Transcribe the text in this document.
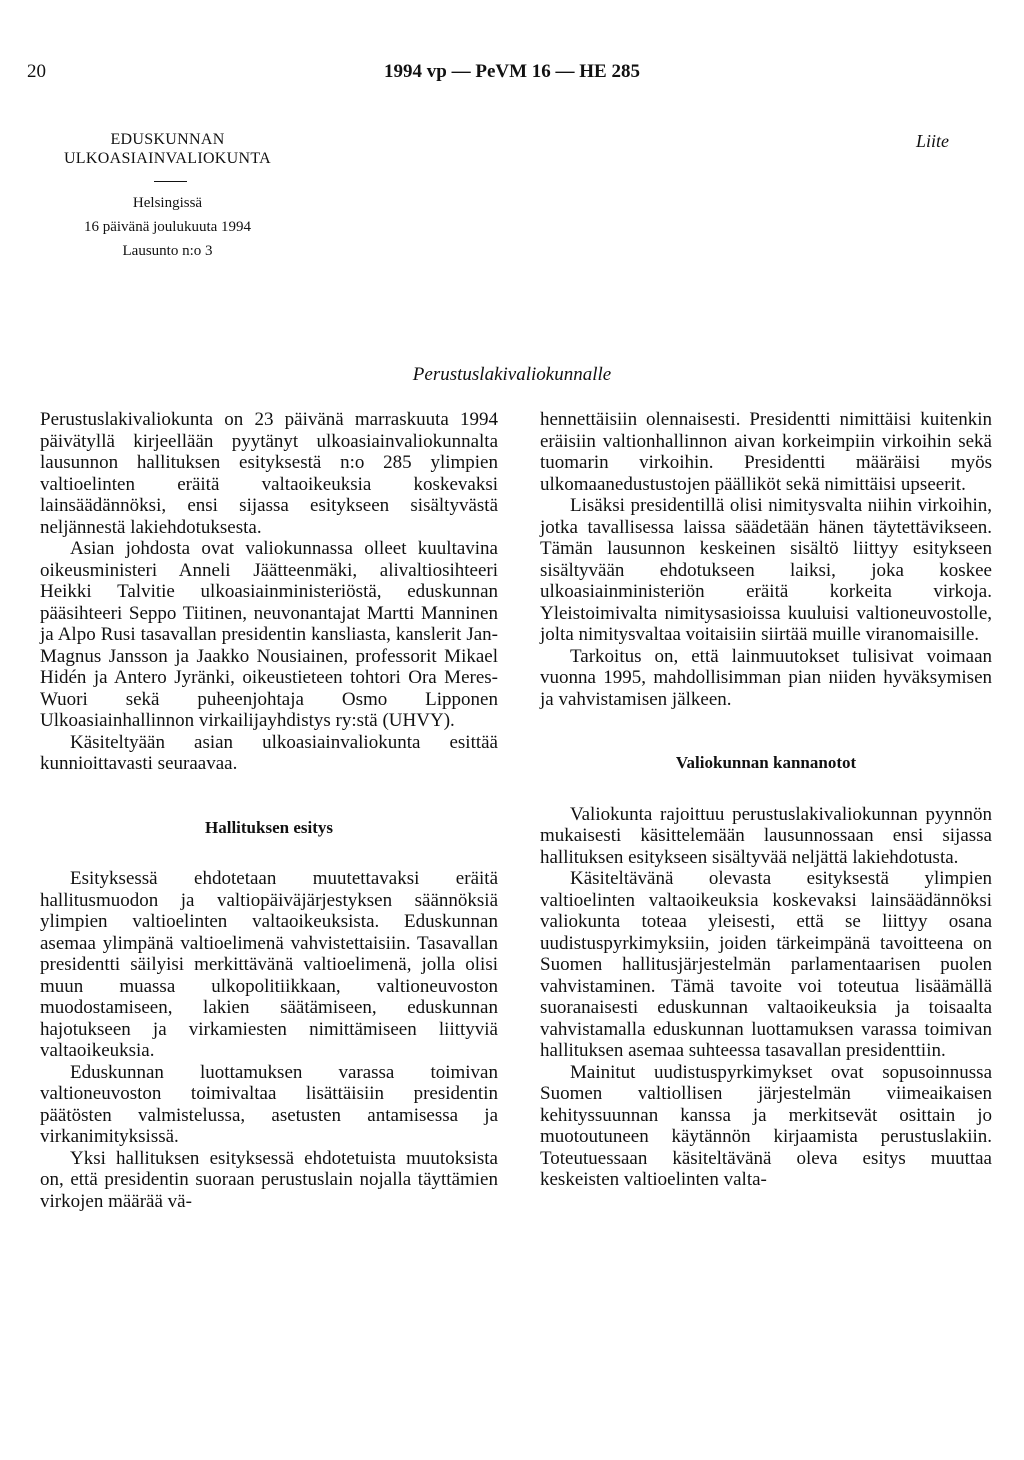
20	1994 vp — PeVM 16 — HE 285
Liite
EDUSKUNNAN
ULKOASIAINVALIOKUNTA
Helsingissä
16 päivänä joulukuuta 1994
Lausunto n:o 3
Perustuslakivaliokunnalle

Perustuslakivaliokunta on 23 päivänä marraskuuta 1994 päivätyllä kirjeellään pyytänyt ulkoasiainvaliokunnalta lausunnon hallituksen esityksestä n:o 285 ylimpien valtioelinten eräitä valtaoikeuksia koskevaksi lainsäädännöksi, ensi sijassa esitykseen sisältyvästä neljännestä lakiehdotuksesta.

Asian johdosta ovat valiokunnassa olleet kuultavina oikeusministeri Anneli Jäätteenmäki, alivaltiosihteeri Heikki Talvitie ulkoasiainministeriöstä, eduskunnan pääsihteeri Seppo Tiitinen, neuvonantajat Martti Manninen ja Alpo Rusi tasavallan presidentin kansliasta, kanslerit Jan-Magnus Jansson ja Jaakko Nousiainen, professorit Mikael Hidén ja Antero Jyränki, oikeustieteen tohtori Ora Meres-Wuori sekä puheenjohtaja Osmo Lipponen Ulkoasiainhallinnon virkailijayhdistys ry:stä (UHVY).

Käsiteltyään asian ulkoasiainvaliokunta esittää kunnioittavasti seuraavaa.

Hallituksen esitys

Esityksessä ehdotetaan muutettavaksi eräitä hallitusmuodon ja valtiopäiväjärjestyksen säännöksiä ylimpien valtioelinten valtaoikeuksista. Eduskunnan asemaa ylimpänä valtioelimenä vahvistettaisiin. Tasavallan presidentti säilyisi merkittävänä valtioelimenä, jolla olisi muun muassa ulkopolitiikkaan, valtioneuvoston muodostamiseen, lakien säätämiseen, eduskunnan hajotukseen ja virkamiesten nimittämiseen liittyviä valtaoikeuksia.

Eduskunnan luottamuksen varassa toimivan valtioneuvoston toimivaltaa lisättäisiin presidentin päätösten valmistelussa, asetusten antamisessa ja virkanimityksissä.

Yksi hallituksen esityksessä ehdotetuista muutoksista on, että presidentin suoraan perustuslain nojalla täyttämien virkojen määrää vä-

hennettäisiin olennaisesti. Presidentti nimittäisi kuitenkin eräisiin valtionhallinnon aivan korkeimpiin virkoihin sekä tuomarin virkoihin. Presidentti määräisi myös ulkomaanedustustojen päälliköt sekä nimittäisi upseerit.

Lisäksi presidentillä olisi nimitysvalta niihin virkoihin, jotka tavallisessa laissa säädetään hänen täytettävikseen. Tämän lausunnon keskeinen sisältö liittyy esitykseen sisältyvään ehdotukseen laiksi, joka koskee ulkoasiainministeriön eräitä korkeita virkoja. Yleistoimivalta nimitysasioissa kuuluisi valtioneuvostolle, jolta nimitysvaltaa voitaisiin siirtää muille viranomaisille.

Tarkoitus on, että lainmuutokset tulisivat voimaan vuonna 1995, mahdollisimman pian niiden hyväksymisen ja vahvistamisen jälkeen.

Valiokunnan kannanotot

Valiokunta rajoittuu perustuslakivaliokunnan pyynnön mukaisesti käsittelemään lausunnossaan ensi sijassa hallituksen esitykseen sisältyvää neljättä lakiehdotusta.

Käsiteltävänä olevasta esityksestä ylimpien valtioelinten valtaoikeuksia koskevaksi lainsäädännöksi valiokunta toteaa yleisesti, että se liittyy osana uudistuspyrkimyksiin, joiden tärkeimpänä tavoitteena on Suomen hallitusjärjestelmän parlamentaarisen puolen vahvistaminen. Tämä tavoite voi toteutua lisäämällä suoranaisesti eduskunnan valtaoikeuksia ja toisaalta vahvistamalla eduskunnan luottamuksen varassa toimivan hallituksen asemaa suhteessa tasavallan presidenttiin.

Mainitut uudistuspyrkimykset ovat sopusoinnussa Suomen valtiollisen järjestelmän viimeaikaisen kehityssuunnan kanssa ja merkitsevät osittain jo muotoutuneen käytännön kirjaamista perustuslakiin. Toteutuessaan käsiteltävänä oleva esitys muuttaa keskeisten valtioelinten valta-
